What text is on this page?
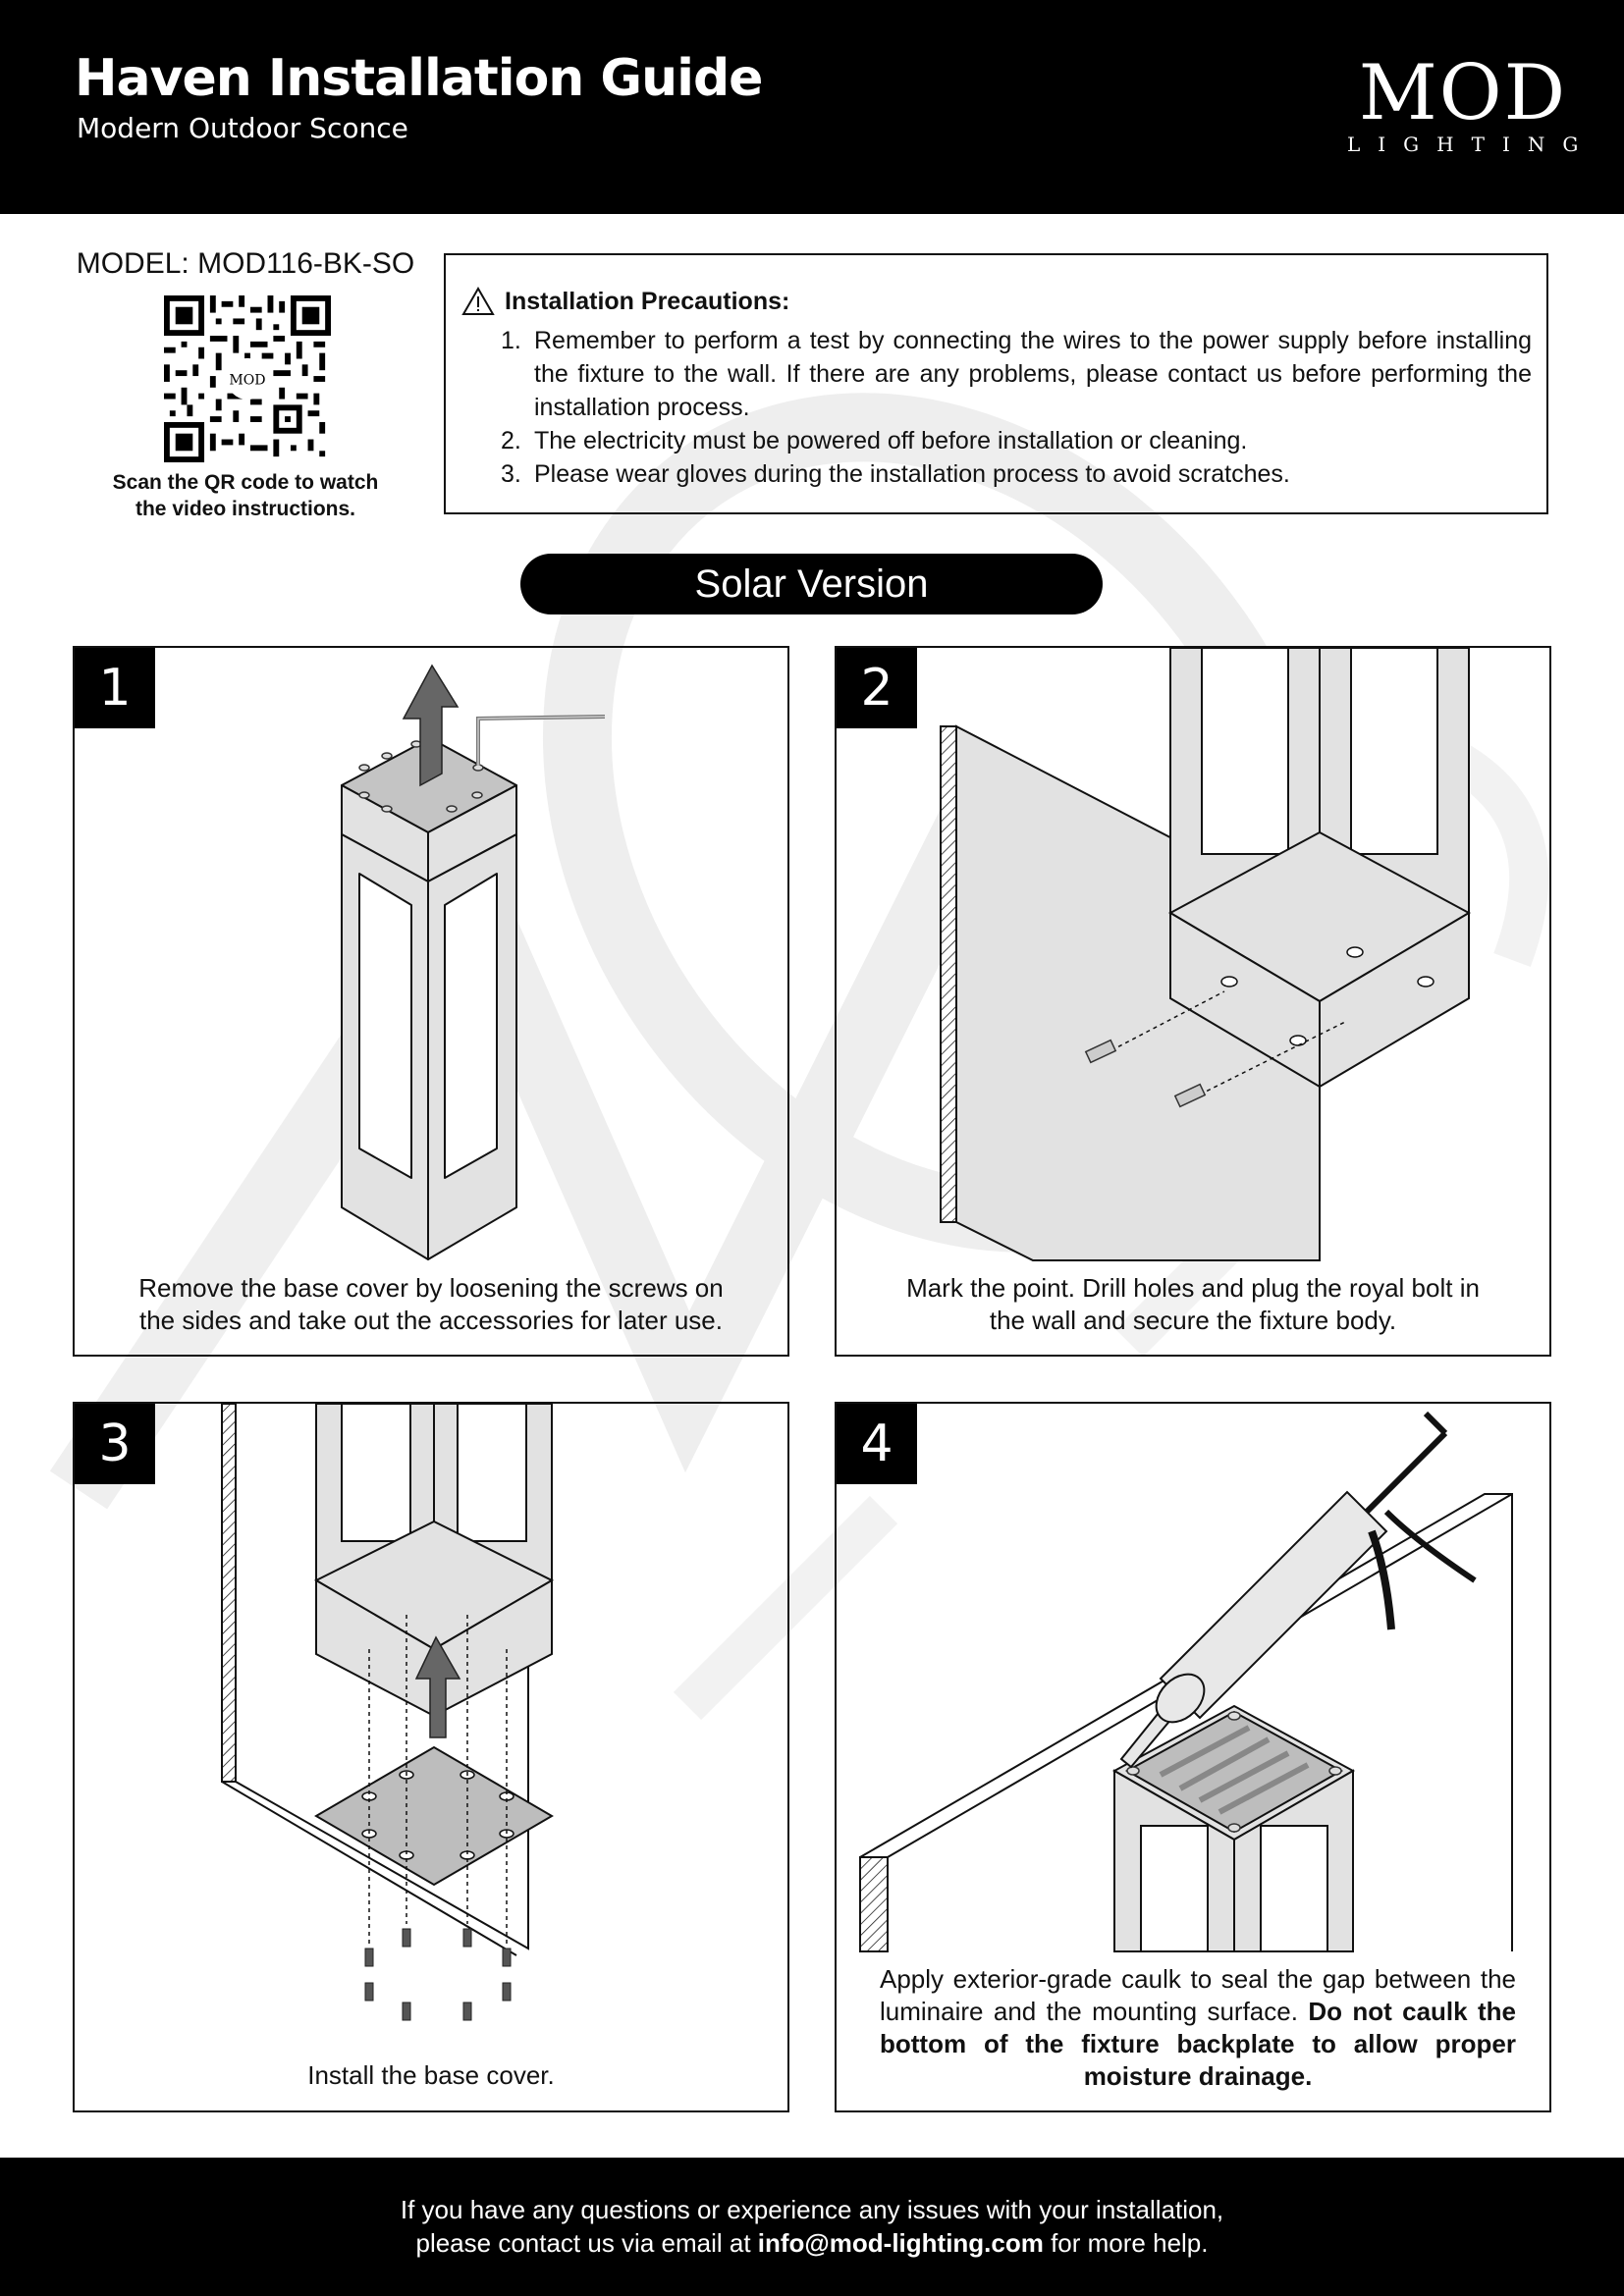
Haven Installation Guide
Modern Outdoor Sconce	MOD
LIGHTING
MODEL: MOD116-BK-SO
MOD
Scan the QR code to watch
the video instructions.
Installation Precautions:
1. Remember to perform a test by connecting the wires to the power supply before installing the fixture to the wall. If there are any problems, please contact us before performing the installation process.
2. The electricity must be powered off before installation or cleaning.
3. Please wear gloves during the installation process to avoid scratches.
Solar Version
1
Remove the base cover by loosening the screws on
the sides and take out the accessories for later use.
2
Mark the point. Drill holes and plug the royal bolt in
the wall and secure the fixture body.
3
Install the base cover.
4
Apply exterior-grade caulk to seal the gap between the luminaire and the mounting surface. Do not caulk the bottom of the fixture backplate to allow proper moisture drainage.
If you have any questions or experience any issues with your installation,
please contact us via email at info@mod-lighting.com for more help.
